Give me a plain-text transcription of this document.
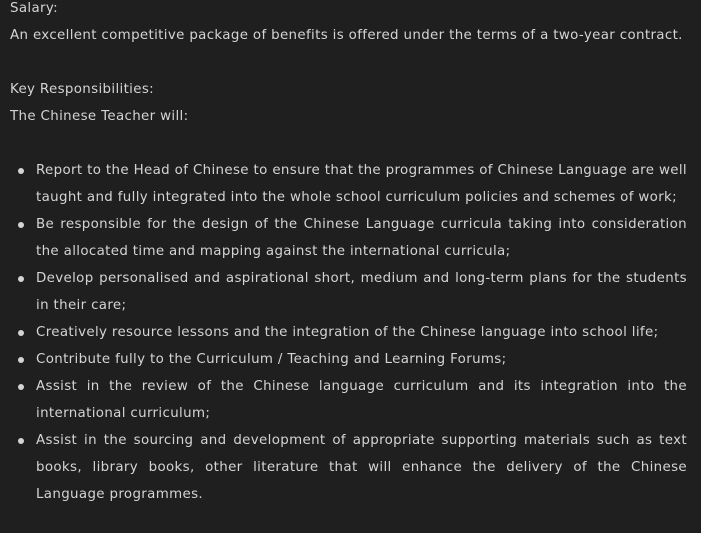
Salary:

An excellent competitive package of benefits is offered under the terms of a two-year contract.

Key Responsibilities:

The Chinese Teacher will:

Report to the Head of Chinese to ensure that the programmes of Chinese Language are well taught and fully integrated into the whole school curriculum policies and schemes of work;
Be responsible for the design of the Chinese Language curricula taking into consideration the allocated time and mapping against the international curricula;
Develop personalised and aspirational short, medium and long-term plans for the students in their care;
Creatively resource lessons and the integration of the Chinese language into school life;
Contribute fully to the Curriculum / Teaching and Learning Forums;
Assist in the review of the Chinese language curriculum and its integration into the international curriculum;
Assist in the sourcing and development of appropriate supporting materials such as text books, library books, other literature that will enhance the delivery of the Chinese Language programmes.
